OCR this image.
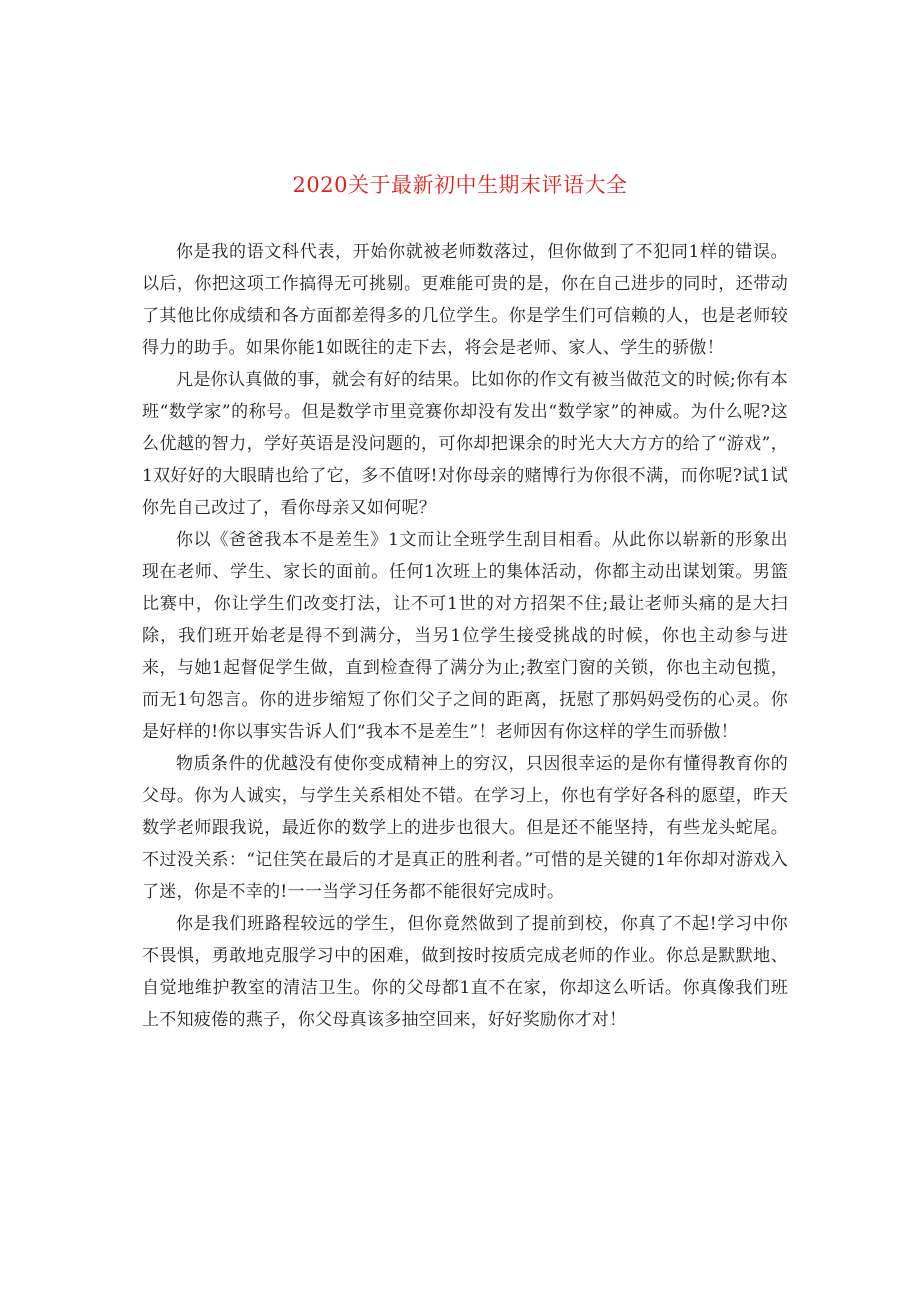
2020关于最新初中生期末评语大全

你是我的语文科代表，开始你就被老师数落过，但你做到了不犯同1样的错误。以后，你把这项工作搞得无可挑剔。更难能可贵的是，你在自己进步的同时，还带动了其他比你成绩和各方面都差得多的几位学生。你是学生们可信赖的人，也是老师较得力的助手。如果你能1如既往的走下去，将会是老师、家人、学生的骄傲！

凡是你认真做的事，就会有好的结果。比如你的作文有被当做范文的时候;你有本班“数学家”的称号。但是数学市里竞赛你却没有发出“数学家”的神威。为什么呢?这么优越的智力，学好英语是没问题的，可你却把课余的时光大大方方的给了“游戏”，1双好好的大眼睛也给了它，多不值呀!对你母亲的赌博行为你很不满，而你呢?试1试你先自己改过了，看你母亲又如何呢？

你以《爸爸我本不是差生》1文而让全班学生刮目相看。从此你以崭新的形象出现在老师、学生、家长的面前。任何1次班上的集体活动，你都主动出谋划策。男篮比赛中，你让学生们改变打法，让不可1世的对方招架不住;最让老师头痛的是大扫除，我们班开始老是得不到满分，当另1位学生接受挑战的时候，你也主动参与进来，与她1起督促学生做，直到检查得了满分为止;教室门窗的关锁，你也主动包揽，而无1句怨言。你的进步缩短了你们父子之间的距离，抚慰了那妈妈受伤的心灵。你是好样的!你以事实告诉人们“我本不是差生”！老师因有你这样的学生而骄傲！

物质条件的优越没有使你变成精神上的穷汉，只因很幸运的是你有懂得教育你的父母。你为人诚实，与学生关系相处不错。在学习上，你也有学好各科的愿望，昨天数学老师跟我说，最近你的数学上的进步也很大。但是还不能坚持，有些龙头蛇尾。不过没关系：“记住笑在最后的才是真正的胜利者。”可惜的是关键的1年你却对游戏入了迷，你是不幸的!一一当学习任务都不能很好完成时。

你是我们班路程较远的学生，但你竟然做到了提前到校，你真了不起!学习中你不畏惧，勇敢地克服学习中的困难，做到按时按质完成老师的作业。你总是默默地、自觉地维护教室的清洁卫生。你的父母都1直不在家，你却这么听话。你真像我们班上不知疲倦的燕子，你父母真该多抽空回来，好好奖励你才对！
